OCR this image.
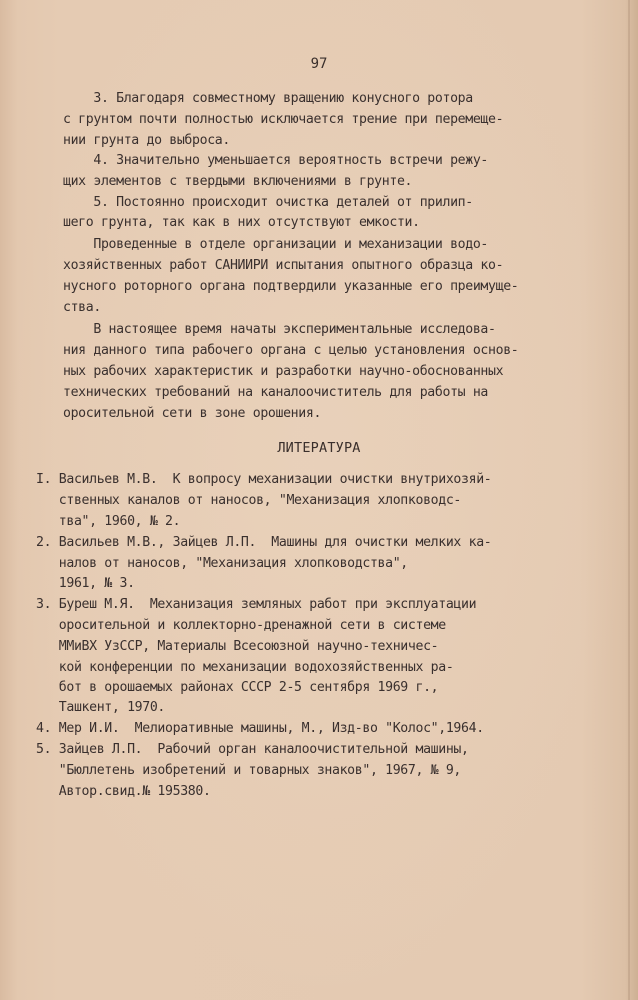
97
3. Благодаря совместному вращению конусного ротора
с грунтом почти полностью исключается трение при перемеще-
нии грунта до выброса.
4. Значительно уменьшается вероятность встречи режу-
щих элементов с твердыми включениями в грунте.
5. Постоянно происходит очистка деталей от прилип-
шего грунта, так как в них отсутствуют емкости.
Проведенные в отделе организации и механизации водо-
хозяйственных работ САНИИРИ испытания опытного образца ко-
нусного роторного органа подтвердили указанные его преимуще-
ства.
В настоящее время начаты экспериментальные исследова-
ния данного типа рабочего органа с целью установления основ-
ных рабочих характеристик и разработки научно-обоснованных
технических требований на каналоочиститель для работы на
оросительной сети в зоне орошения.
ЛИТЕРАТУРА
I. Васильев М.В.  К вопросу механизации очистки внутрихозяй-
ственных каналов от наносов, "Механизация хлопководс-
тва", 1960, № 2.
2. Васильев М.В., Зайцев Л.П.  Машины для очистки мелких ка-
налов от наносов, "Механизация хлопководства",
1961, № 3.
3. Буреш М.Я.  Механизация земляных работ при эксплуатации
оросительной и коллекторно-дренажной сети в системе
ММиВХ УзССР, Материалы Всесоюзной научно-техничес-
кой конференции по механизации водохозяйственных ра-
бот в орошаемых районах СССР 2-5 сентября 1969 г.,
Ташкент, 1970.
4. Мер И.И.  Мелиоративные машины, М., Изд-во "Колос",1964.
5. Зайцев Л.П.  Рабочий орган каналоочистительной машины,
"Бюллетень изобретений и товарных знаков", 1967, № 9,
Автор.свид.№ 195380.
